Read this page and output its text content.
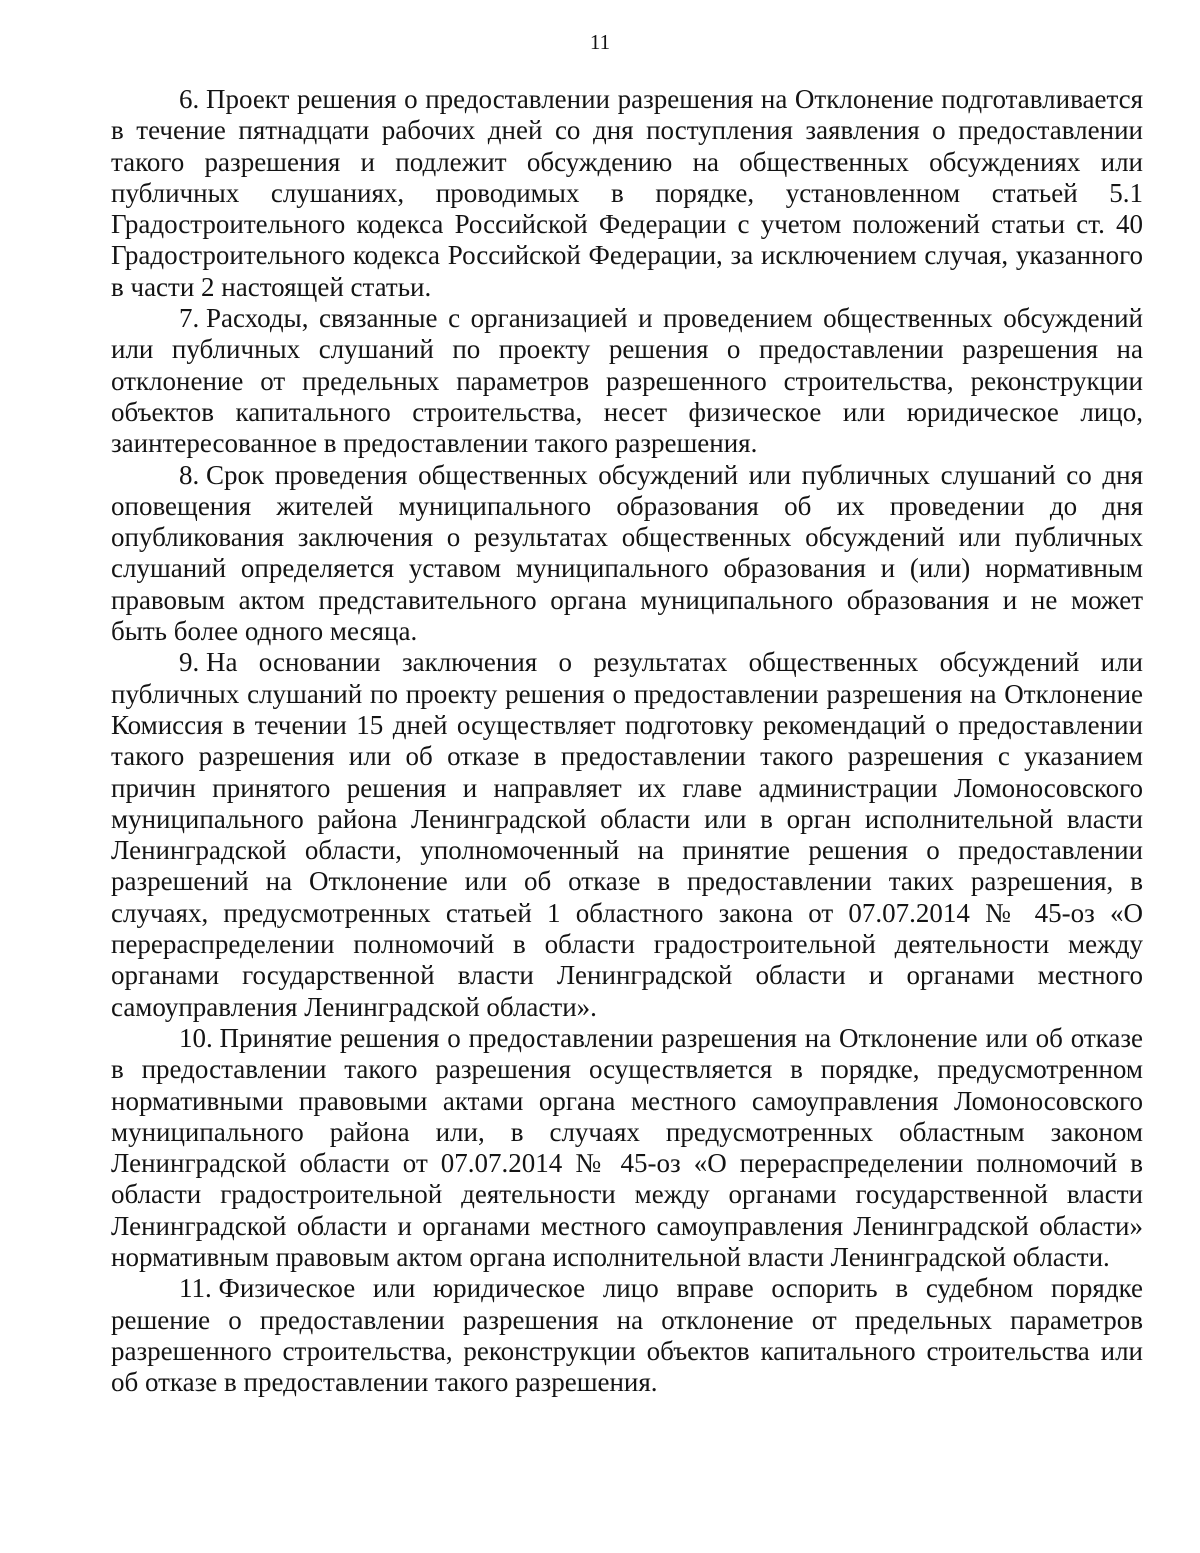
11

6. Проект решения о предоставлении разрешения на Отклонение подготавливается в течение пятнадцати рабочих дней со дня поступления заявления о предоставлении такого разрешения и подлежит обсуждению на общественных обсуждениях или публичных слушаниях, проводимых в порядке, установленном статьей 5.1 Градостроительного кодекса Российской Федерации с учетом положений статьи ст. 40 Градостроительного кодекса Российской Федерации, за исключением случая, указанного в части 2 настоящей статьи.

7. Расходы, связанные с организацией и проведением общественных обсуждений или публичных слушаний по проекту решения о предоставлении разрешения на отклонение от предельных параметров разрешенного строительства, реконструкции объектов капитального строительства, несет физическое или юридическое лицо, заинтересованное в предоставлении такого разрешения.

8. Срок проведения общественных обсуждений или публичных слушаний со дня оповещения жителей муниципального образования об их проведении до дня опубликования заключения о результатах общественных обсуждений или публичных слушаний определяется уставом муниципального образования и (или) нормативным правовым актом представительного органа муниципального образования и не может быть более одного месяца.

9. На основании заключения о результатах общественных обсуждений или публичных слушаний по проекту решения о предоставлении разрешения на Отклонение Комиссия в течении 15 дней осуществляет подготовку рекомендаций о предоставлении такого разрешения или об отказе в предоставлении такого разрешения с указанием причин принятого решения и направляет их главе администрации Ломоносовского муниципального района Ленинградской области или в орган исполнительной власти Ленинградской области, уполномоченный на принятие решения о предоставлении разрешений на Отклонение или об отказе в предоставлении таких разрешения, в случаях, предусмотренных статьей 1 областного закона от 07.07.2014 № 45-оз «О перераспределении полномочий в области градостроительной деятельности между органами государственной власти Ленинградской области и органами местного самоуправления Ленинградской области».

10. Принятие решения о предоставлении разрешения на Отклонение или об отказе в предоставлении такого разрешения осуществляется в порядке, предусмотренном нормативными правовыми актами органа местного самоуправления Ломоносовского муниципального района или, в случаях предусмотренных областным законом Ленинградской области от 07.07.2014 № 45-оз «О перераспределении полномочий в области градостроительной деятельности между органами государственной власти Ленинградской области и органами местного самоуправления Ленинградской области» нормативным правовым актом органа исполнительной власти Ленинградской области.

11. Физическое или юридическое лицо вправе оспорить в судебном порядке решение о предоставлении разрешения на отклонение от предельных параметров разрешенного строительства, реконструкции объектов капитального строительства или об отказе в предоставлении такого разрешения.
